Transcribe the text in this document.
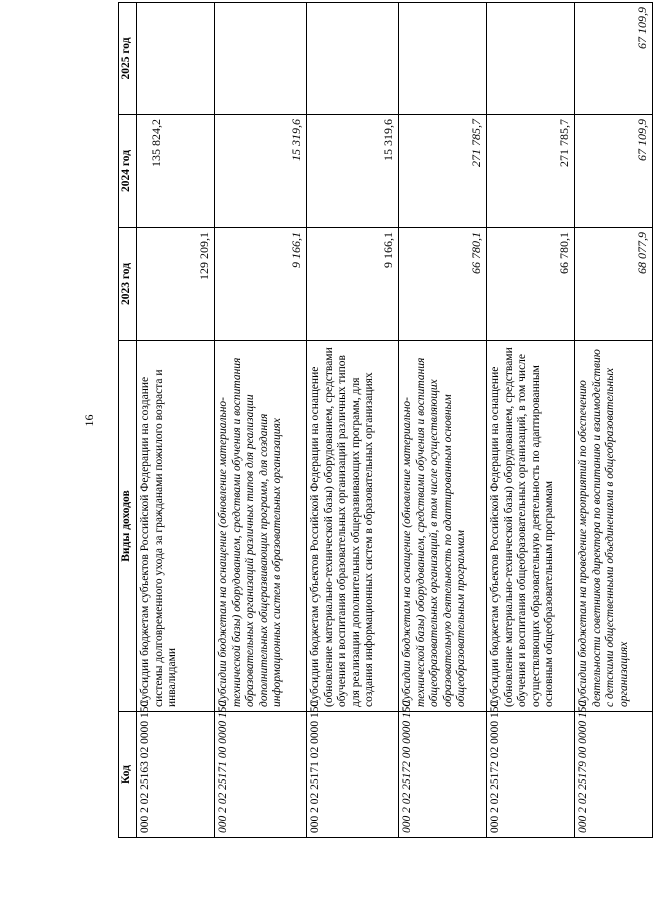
16
Код	Виды доходов	2023 год	2024 год	2025 год
000 2 02 25163 02 0000 150	Субсидии бюджетам субъектов Российской Федерации на создание системы долговременного ухода за гражданами пожилого возраста и инвалидами	129 209,1	135 824,2	
000 2 02 25171 00 0000 150	Субсидии бюджетам на оснащение (обновление материально-технической базы) оборудованием, средствами обучения и воспитания образовательных организаций различных типов для реализации дополнительных общеразвивающих программ, для создания информационных систем в образовательных организациях	9 166,1	15 319,6	
000 2 02 25171 02 0000 150	Субсидии бюджетам субъектов Российской Федерации на оснащение (обновление материально-технической базы) оборудованием, средствами обучения и воспитания образовательных организаций различных типов для реализации дополнительных общеразвивающих программ, для создания информационных систем в образовательных организациях	9 166,1	15 319,6	
000 2 02 25172 00 0000 150	Субсидии бюджетам на оснащение (обновление материально-технической базы) оборудованием, средствами обучения и воспитания общеобразовательных организаций, в том числе осуществляющих образовательную деятельность по адаптированным основным общеобразовательным программам	66 780,1	271 785,7	
000 2 02 25172 02 0000 150	Субсидии бюджетам субъектов Российской Федерации на оснащение (обновление материально-технической базы) оборудованием, средствами обучения и воспитания общеобразовательных организаций, в том числе осуществляющих образовательную деятельность по адаптированным основным общеобразовательным программам	66 780,1	271 785,7	
000 2 02 25179 00 0000 150	Субсидии бюджетам на проведение мероприятий по обеспечению деятельности советников директора по воспитанию и взаимодействию с детскими общественными объединениями в общеобразовательных организациях	68 077,9	67 109,9	67 109,9
